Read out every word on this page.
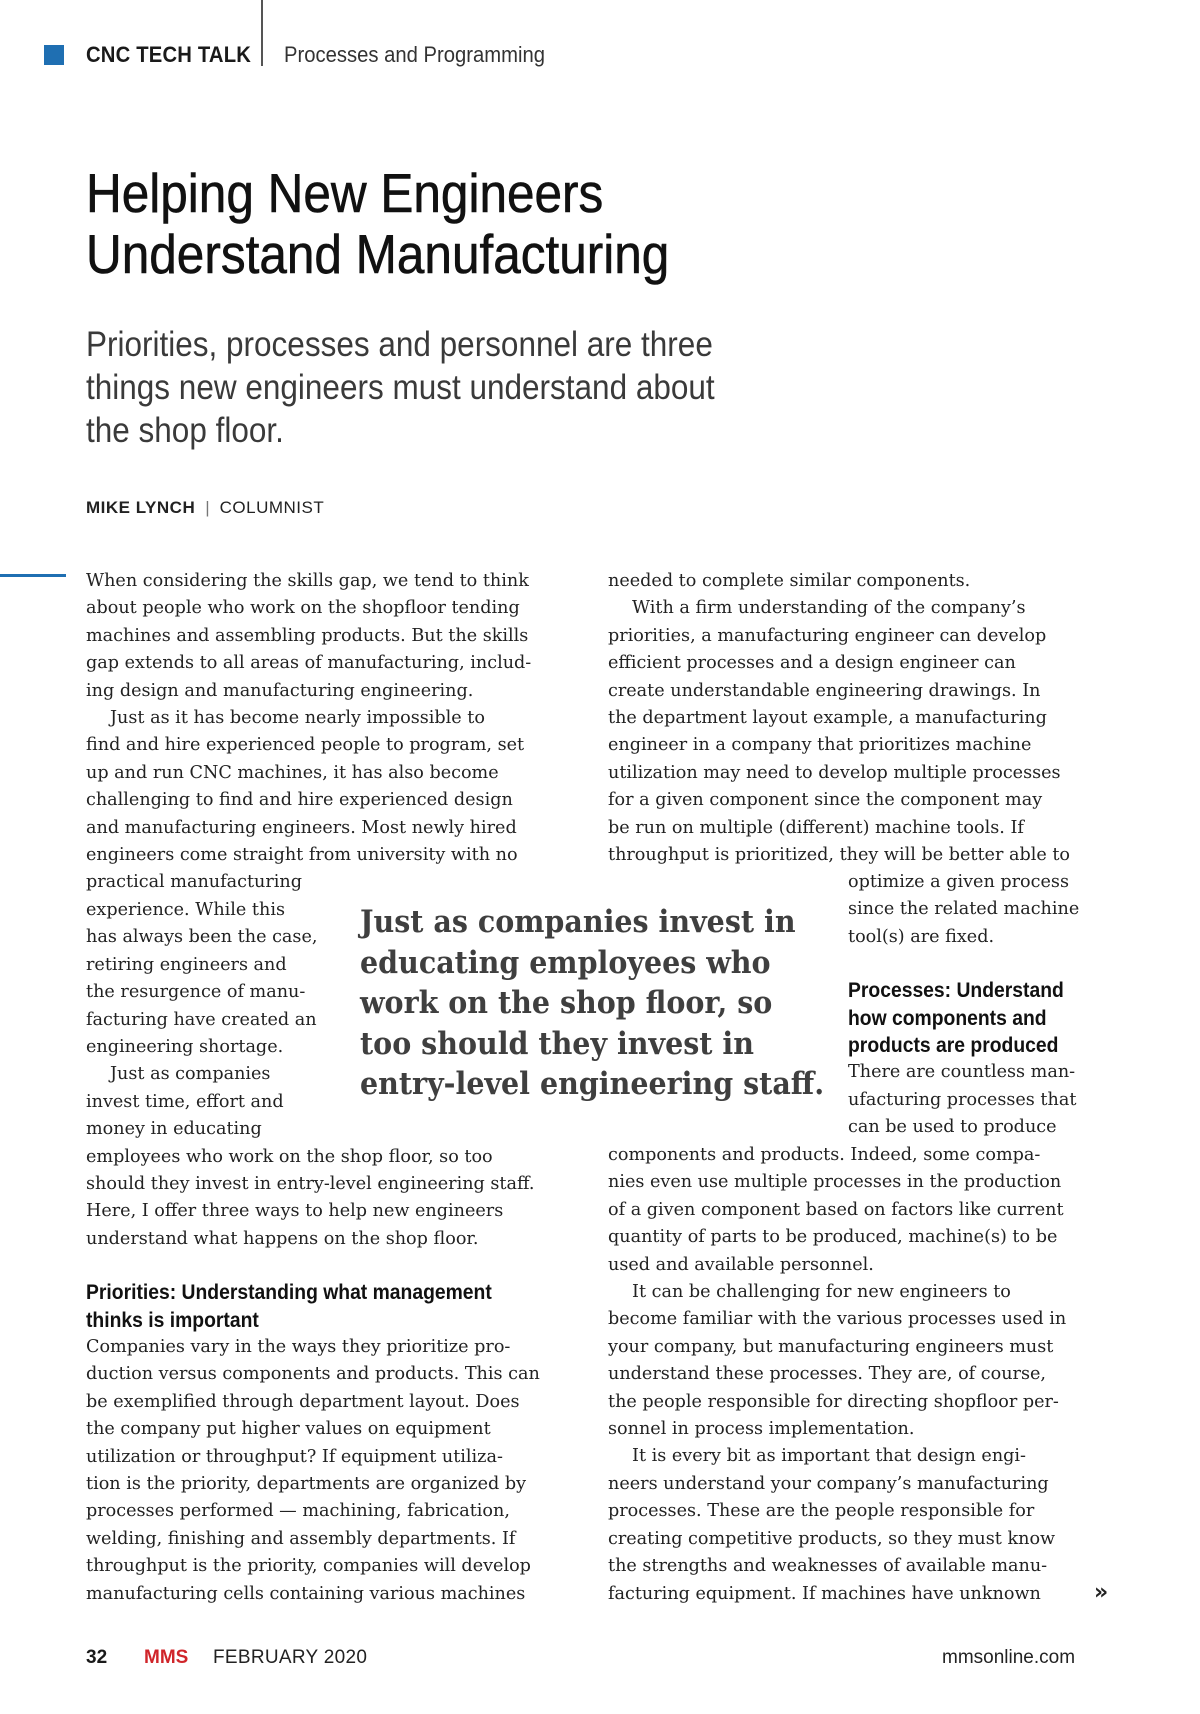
CNC TECH TALK Processes and Programming
Helping New Engineers
Understand Manufacturing
Priorities, processes and personnel are three
things new engineers must understand about
the shop floor.
MIKE LYNCH | COLUMNIST
When considering the skills gap, we tend to think
about people who work on the shopfloor tending
machines and assembling products. But the skills
gap extends to all areas of manufacturing, includ-
ing design and manufacturing engineering.
Just as it has become nearly impossible to
find and hire experienced people to program, set
up and run CNC machines, it has also become
challenging to find and hire experienced design
and manufacturing engineers. Most newly hired
engineers come straight from university with no
practical manufacturing
experience. While this
has always been the case,
retiring engineers and
the resurgence of manu-
facturing have created an
engineering shortage.
Just as companies
invest time, effort and
money in educating
employees who work on the shop floor, so too
should they invest in entry-level engineering staff.
Here, I offer three ways to help new engineers
understand what happens on the shop floor.
Priorities: Understanding what management
thinks is important
Companies vary in the ways they prioritize pro-
duction versus components and products. This can
be exemplified through department layout. Does
the company put higher values on equipment
utilization or throughput? If equipment utiliza-
tion is the priority, departments are organized by
processes performed — machining, fabrication,
welding, finishing and assembly departments. If
throughput is the priority, companies will develop
manufacturing cells containing various machines
needed to complete similar components.
With a firm understanding of the company’s
priorities, a manufacturing engineer can develop
efficient processes and a design engineer can
create understandable engineering drawings. In
the department layout example, a manufacturing
engineer in a company that prioritizes machine
utilization may need to develop multiple processes
for a given component since the component may
be run on multiple (different) machine tools. If
throughput is prioritized, they will be better able to
optimize a given process
since the related machine
tool(s) are fixed.
Processes: Understand
how components and
products are produced
There are countless man-
ufacturing processes that
can be used to produce
components and products. Indeed, some compa-
nies even use multiple processes in the production
of a given component based on factors like current
quantity of parts to be produced, machine(s) to be
used and available personnel.
It can be challenging for new engineers to
become familiar with the various processes used in
your company, but manufacturing engineers must
understand these processes. They are, of course,
the people responsible for directing shopfloor per-
sonnel in process implementation.
It is every bit as important that design engi-
neers understand your company’s manufacturing
processes. These are the people responsible for
creating competitive products, so they must know
the strengths and weaknesses of available manu-
facturing equipment. If machines have unknown
Just as companies invest in
educating employees who
work on the shop floor, so
too should they invest in
entry-level engineering staff.
»
32 MMS FEBRUARY 2020	mmsonline.com
